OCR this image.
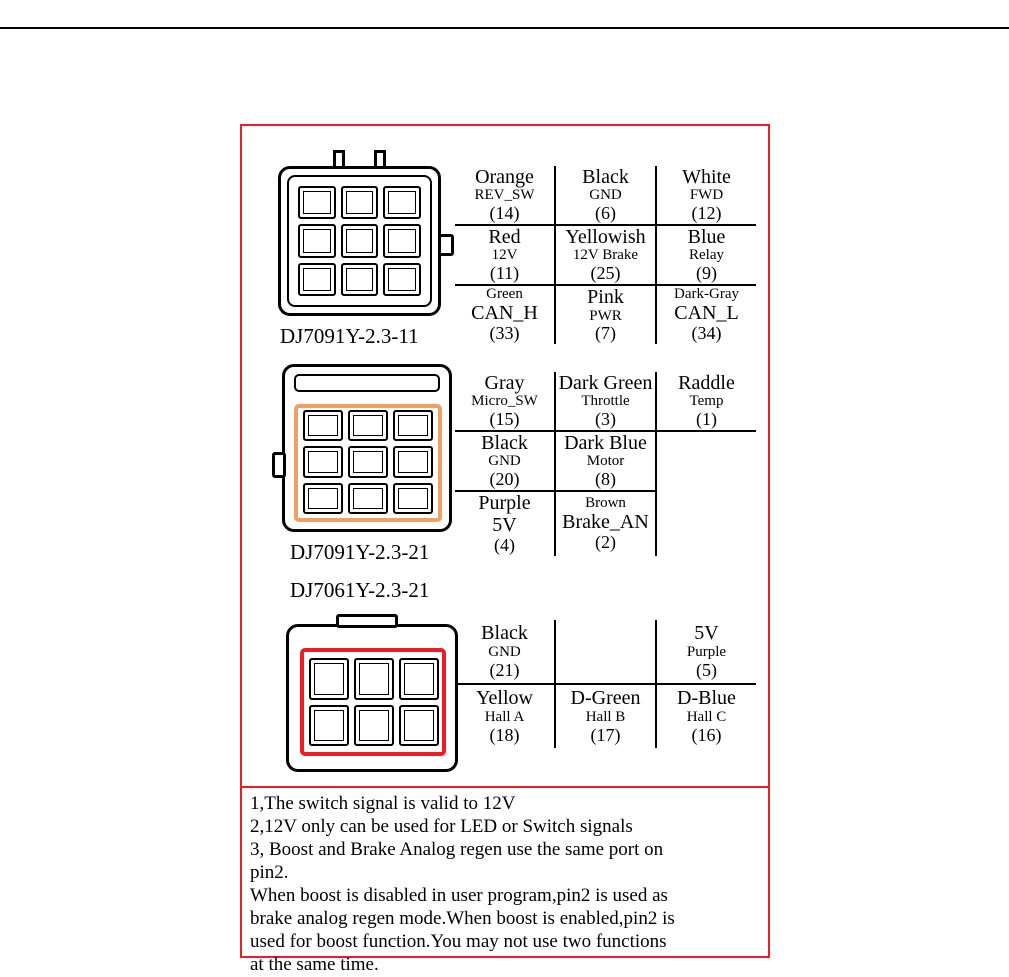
DJ7091Y-2.3-11
Orange
REV_SW
(14)	Black
GND
(6)	White
FWD
(12)

Red
12V
(11)	Yellowish
12V Brake
(25)	Blue
Relay
(9)

Green
CAN_H
(33)	Pink
PWR
(7)	Dark-Gray
CAN_L
(34)
DJ7091Y-2.3-21
Gray
Micro_SW
(15)	Dark Green
Throttle
(3)	Raddle
Temp
(1)

Black
GND
(20)	Dark Blue
Motor
(8)	

Purple
5V
(4)	Brown
Brake_AN
(2)	

DJ7061Y-2.3-21
Black
GND
(21)		5V
Purple
(5)

Yellow
Hall A
(18)	D-Green
Hall B
(17)	D-Blue
Hall C
(16)

1,The switch signal is valid to 12V

2,12V only can be used for LED or Switch signals

3, Boost and Brake Analog regen use the same port on

pin2.

When boost is disabled in user program,pin2 is used as

brake analog regen mode.When boost is enabled,pin2 is

used for boost function.You may not use two functions

at the same time.
